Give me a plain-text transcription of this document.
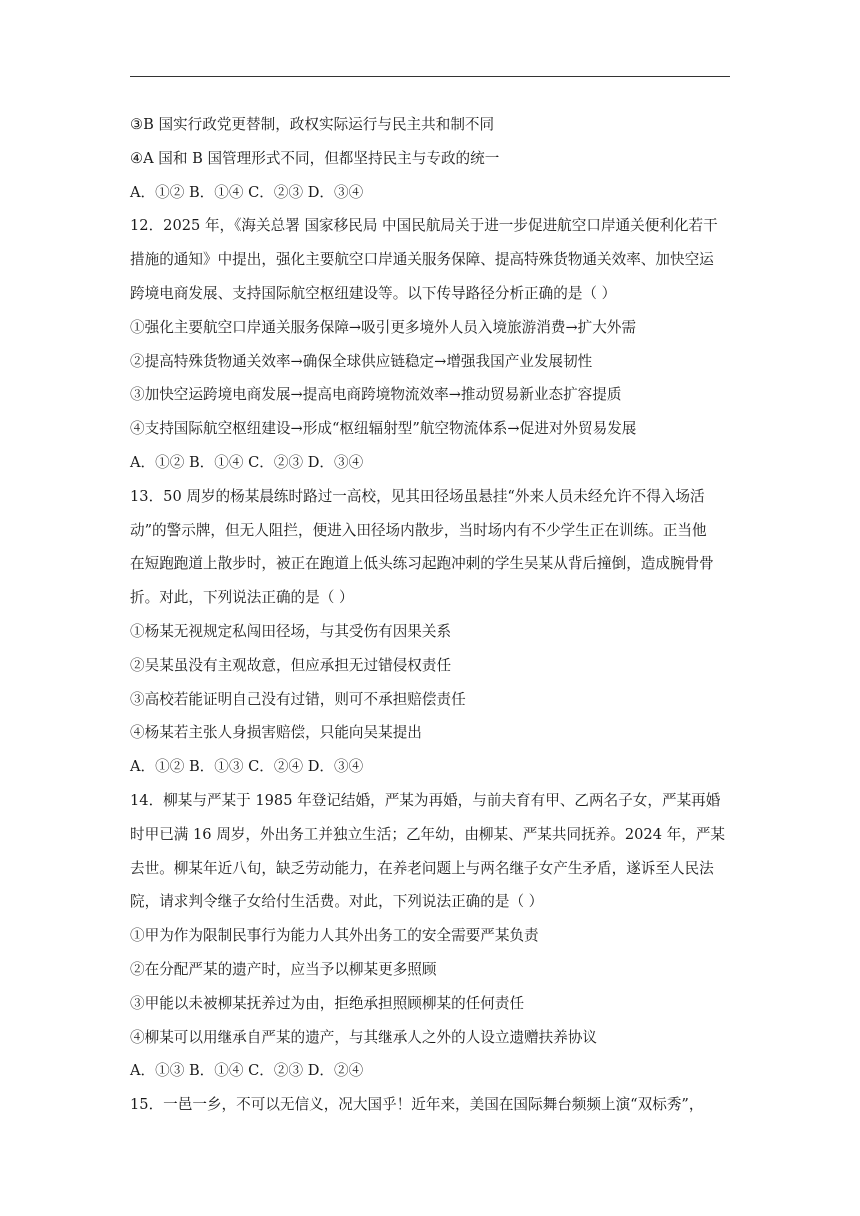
③B 国实行政党更替制，政权实际运行与民主共和制不同

④A 国和 B 国管理形式不同，但都坚持民主与专政的统一

A．①② B．①④ C．②③ D．③④

12．2025 年，《海关总署 国家移民局 中国民航局关于进一步促进航空口岸通关便利化若干

措施的通知》中提出，强化主要航空口岸通关服务保障、提高特殊货物通关效率、加快空运

跨境电商发展、支持国际航空枢纽建设等。以下传导路径分析正确的是（ ）

①强化主要航空口岸通关服务保障→吸引更多境外人员入境旅游消费→扩大外需

②提高特殊货物通关效率→确保全球供应链稳定→增强我国产业发展韧性

③加快空运跨境电商发展→提高电商跨境物流效率→推动贸易新业态扩容提质

④支持国际航空枢纽建设→形成“枢纽辐射型”航空物流体系→促进对外贸易发展

A．①② B．①④ C．②③ D．③④

13．50 周岁的杨某晨练时路过一高校，见其田径场虽悬挂“外来人员未经允许不得入场活

动”的警示牌，但无人阻拦，便进入田径场内散步，当时场内有不少学生正在训练。正当他

在短跑跑道上散步时，被正在跑道上低头练习起跑冲刺的学生吴某从背后撞倒，造成腕骨骨

折。对此，下列说法正确的是（ ）

①杨某无视规定私闯田径场，与其受伤有因果关系

②吴某虽没有主观故意，但应承担无过错侵权责任

③高校若能证明自己没有过错，则可不承担赔偿责任

④杨某若主张人身损害赔偿，只能向吴某提出

A．①② B．①③ C．②④ D．③④

14．柳某与严某于 1985 年登记结婚，严某为再婚，与前夫育有甲、乙两名子女，严某再婚

时甲已满 16 周岁，外出务工并独立生活；乙年幼，由柳某、严某共同抚养。2024 年，严某

去世。柳某年近八旬，缺乏劳动能力，在养老问题上与两名继子女产生矛盾，遂诉至人民法

院，请求判令继子女给付生活费。对此，下列说法正确的是（ ）

①甲为作为限制民事行为能力人其外出务工的安全需要严某负责

②在分配严某的遗产时，应当予以柳某更多照顾

③甲能以未被柳某抚养过为由，拒绝承担照顾柳某的任何责任

④柳某可以用继承自严某的遗产，与其继承人之外的人设立遗赠扶养协议

A．①③ B．①④ C．②③ D．②④

15．一邑一乡，不可以无信义，况大国乎！近年来，美国在国际舞台频频上演“双标秀”，
